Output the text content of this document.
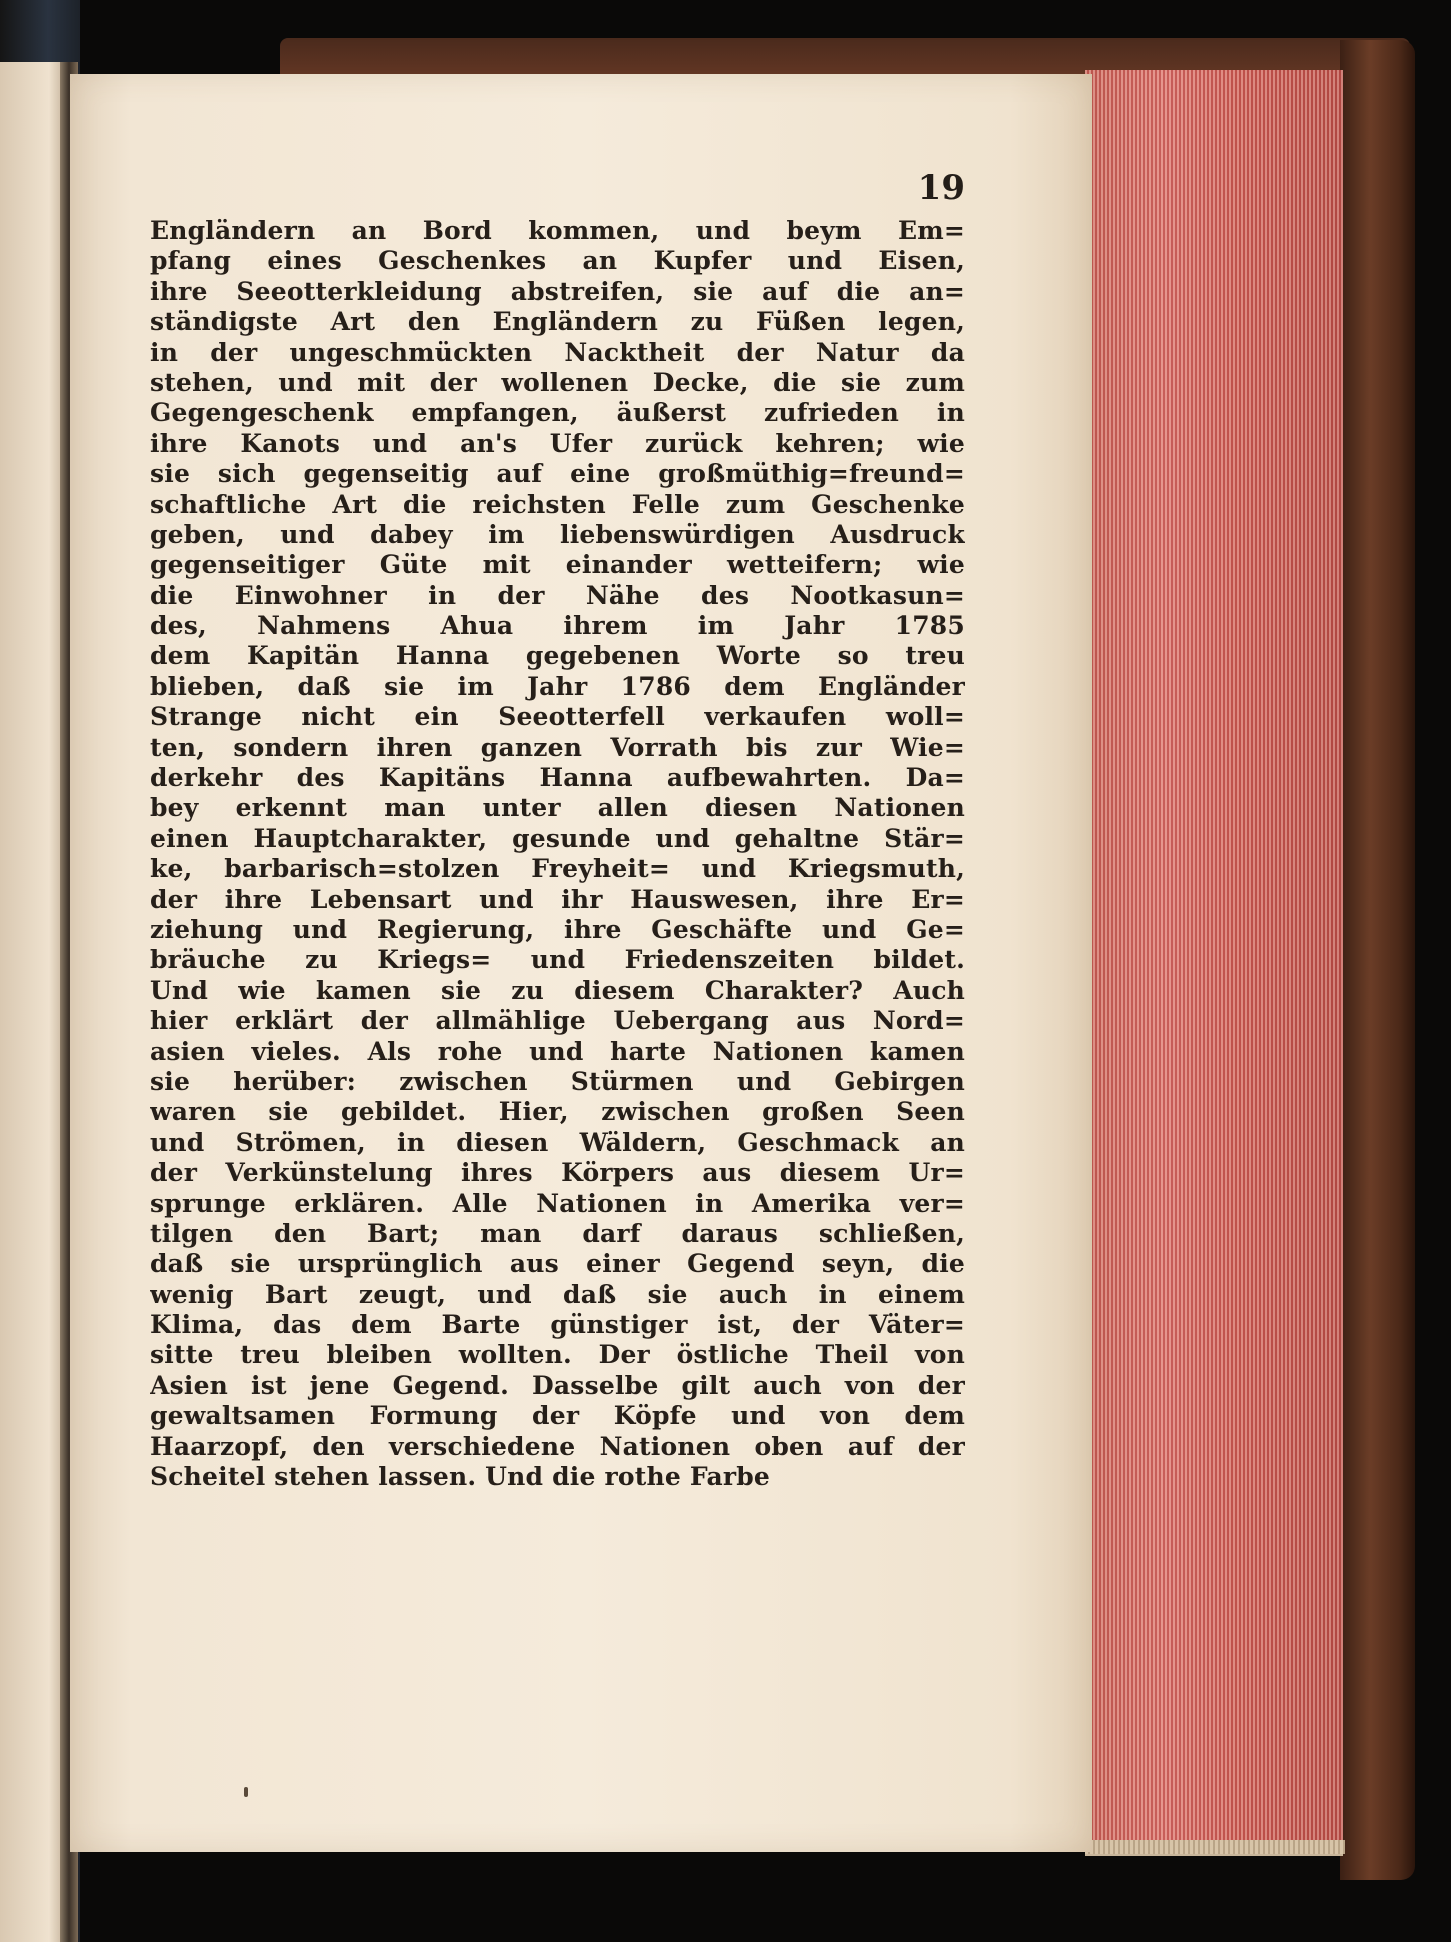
19
Engländern an Bord kommen, und beym Em=
pfang eines Geschenkes an Kupfer und Eisen,
ihre Seeotterkleidung abstreifen, sie auf die an=
ständigste Art den Engländern zu Füßen legen,
in der ungeschmückten Nacktheit der Natur da
stehen, und mit der wollenen Decke, die sie zum
Gegengeschenk empfangen, äußerst zufrieden in
ihre Kanots und an's Ufer zurück kehren; wie
sie sich gegenseitig auf eine großmüthig=freund=
schaftliche Art die reichsten Felle zum Geschenke
geben, und dabey im liebenswürdigen Ausdruck
gegenseitiger Güte mit einander wetteifern; wie
die Einwohner in der Nähe des Nootkasun=
des, Nahmens Ahua ihrem im Jahr 1785
dem Kapitän Hanna gegebenen Worte so treu
blieben, daß sie im Jahr 1786 dem Engländer
Strange nicht ein Seeotterfell verkaufen woll=
ten, sondern ihren ganzen Vorrath bis zur Wie=
derkehr des Kapitäns Hanna aufbewahrten. Da=
bey erkennt man unter allen diesen Nationen
einen Hauptcharakter, gesunde und gehaltne Stär=
ke, barbarisch=stolzen Freyheit= und Kriegsmuth,
der ihre Lebensart und ihr Hauswesen, ihre Er=
ziehung und Regierung, ihre Geschäfte und Ge=
bräuche zu Kriegs= und Friedenszeiten bildet.
Und wie kamen sie zu diesem Charakter? Auch
hier erklärt der allmählige Uebergang aus Nord=
asien vieles. Als rohe und harte Nationen kamen
sie herüber: zwischen Stürmen und Gebirgen
waren sie gebildet. Hier, zwischen großen Seen
und Strömen, in diesen Wäldern, Geschmack an
der Verkünstelung ihres Körpers aus diesem Ur=
sprunge erklären. Alle Nationen in Amerika ver=
tilgen den Bart; man darf daraus schließen,
daß sie ursprünglich aus einer Gegend seyn, die
wenig Bart zeugt, und daß sie auch in einem
Klima, das dem Barte günstiger ist, der Väter=
sitte treu bleiben wollten. Der östliche Theil von
Asien ist jene Gegend. Dasselbe gilt auch von der
gewaltsamen Formung der Köpfe und von dem
Haarzopf, den verschiedene Nationen oben auf der
Scheitel stehen lassen. Und die rothe Farbe
